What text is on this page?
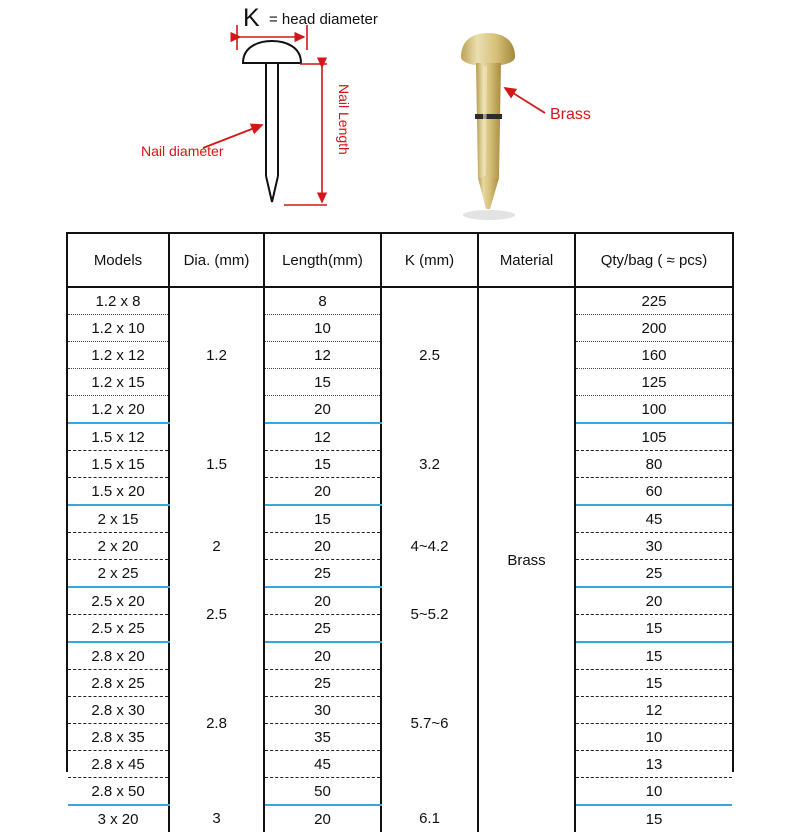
K = head diameter
Nail diameter	Nail Length	Brass
Models	Dia. (mm)	Length(mm)	K (mm)	Material	Qty/bag ( ≈ pcs)
1.2 x 8	1.2	8	2.5	Brass	225
1.2 x 10		10			200
1.2 x 12		12			160
1.2 x 15		15			125
1.2 x 20		20			100
1.5 x 12	1.5	12	3.2		105
1.5 x 15		15			80
1.5 x 20		20			60
2 x 15	2	15	4~4.2		45
2 x 20		20			30
2 x 25		25			25
2.5 x 20	2.5	20	5~5.2		20
2.5 x 25		25			15
2.8 x 20	2.8	20	5.7~6		15
2.8 x 25		25			15
2.8 x 30		30			12
2.8 x 35		35			10
2.8 x 45		45			13
2.8 x 50		50			10
3 x 20	3	20	6.1		15
